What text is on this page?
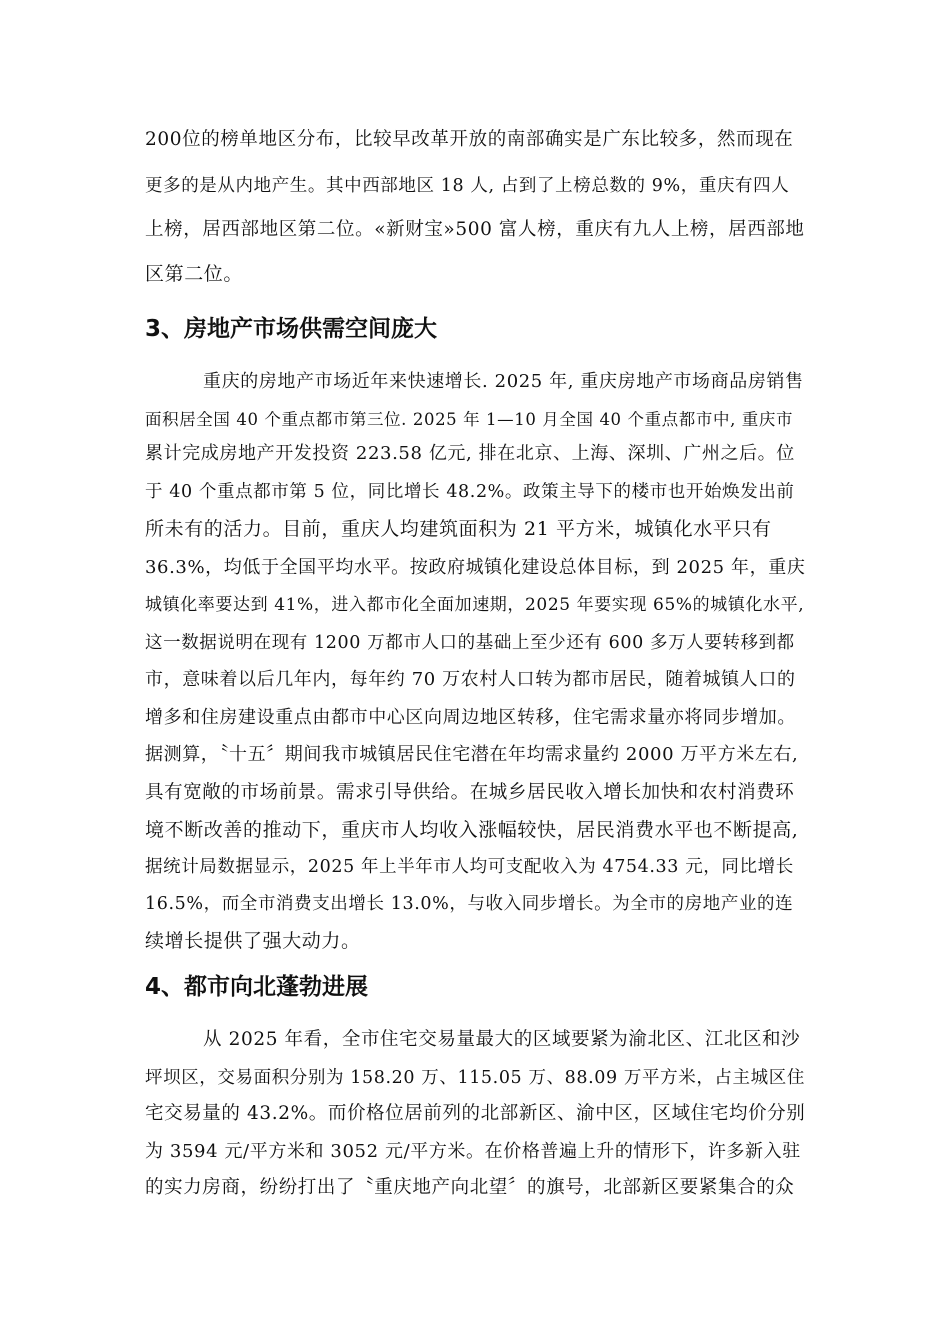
200位的榜单地区分布，比较早改革开放的南部确实是广东比较多，然而现在
更多的是从内地产生。其中西部地区 18 人, 占到了上榜总数的 9%，重庆有四人
上榜，居西部地区第二位。«新财宝»500 富人榜，重庆有九人上榜，居西部地
区第二位。
3、房地产市场供需空间庞大
重庆的房地产市场近年来快速增长. 2025 年, 重庆房地产市场商品房销售
面积居全国 40 个重点都市第三位. 2025 年 1—10 月全国 40 个重点都市中, 重庆市
累计完成房地产开发投资 223.58 亿元, 排在北京、上海、深圳、广州之后。位
于 40 个重点都市第 5 位，同比增长 48.2%。政策主导下的楼市也开始焕发出前
所未有的活力。目前，重庆人均建筑面积为 21 平方米，城镇化水平只有
36.3%，均低于全国平均水平。按政府城镇化建设总体目标，到 2025 年，重庆
城镇化率要达到 41%，进入都市化全面加速期，2025 年要实现 65%的城镇化水平,
这一数据说明在现有 1200 万都市人口的基础上至少还有 600 多万人要转移到都
市，意味着以后几年内，每年约 70 万农村人口转为都市居民，随着城镇人口的
增多和住房建设重点由都市中心区向周边地区转移，住宅需求量亦将同步增加。
据测算，〝十五〞期间我市城镇居民住宅潜在年均需求量约 2000 万平方米左右,
具有宽敞的市场前景。需求引导供给。在城乡居民收入增长加快和农村消费环
境不断改善的推动下，重庆市人均收入涨幅较快，居民消费水平也不断提高,
据统计局数据显示，2025 年上半年市人均可支配收入为 4754.33 元，同比增长
16.5%，而全市消费支出增长 13.0%，与收入同步增长。为全市的房地产业的连
续增长提供了强大动力。
4、都市向北蓬勃进展
从 2025 年看，全市住宅交易量最大的区域要紧为渝北区、江北区和沙
坪坝区，交易面积分别为 158.20 万、115.05 万、88.09 万平方米，占主城区住
宅交易量的 43.2%。而价格位居前列的北部新区、渝中区，区域住宅均价分别
为 3594 元/平方米和 3052 元/平方米。在价格普遍上升的情形下，许多新入驻
的实力房商，纷纷打出了〝重庆地产向北望〞的旗号，北部新区要紧集合的众
